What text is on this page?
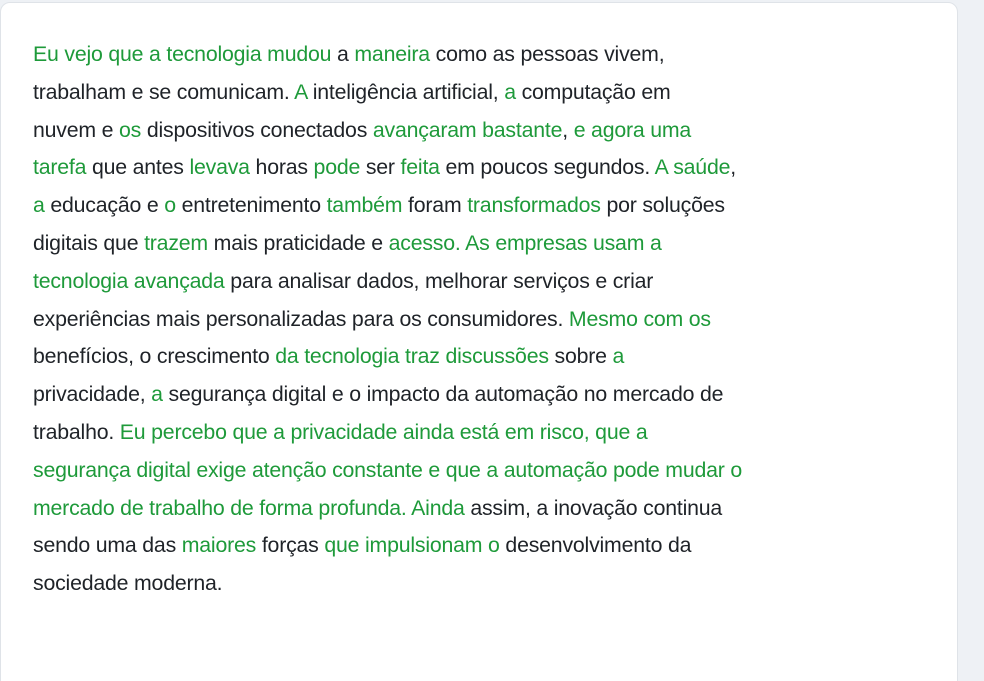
Eu vejo que a tecnologia mudou a maneira como as pessoas vivem,
trabalham e se comunicam. A inteligência artificial, a computação em
nuvem e os dispositivos conectados avançaram bastante, e agora uma
tarefa que antes levava horas pode ser feita em poucos segundos. A saúde,
a educação e o entretenimento também foram transformados por soluções
digitais que trazem mais praticidade e acesso. As empresas usam a
tecnologia avançada para analisar dados, melhorar serviços e criar
experiências mais personalizadas para os consumidores. Mesmo com os
benefícios, o crescimento da tecnologia traz discussões sobre a
privacidade, a segurança digital e o impacto da automação no mercado de
trabalho. Eu percebo que a privacidade ainda está em risco, que a
segurança digital exige atenção constante e que a automação pode mudar o
mercado de trabalho de forma profunda. Ainda assim, a inovação continua
sendo uma das maiores forças que impulsionam o desenvolvimento da
sociedade moderna.
